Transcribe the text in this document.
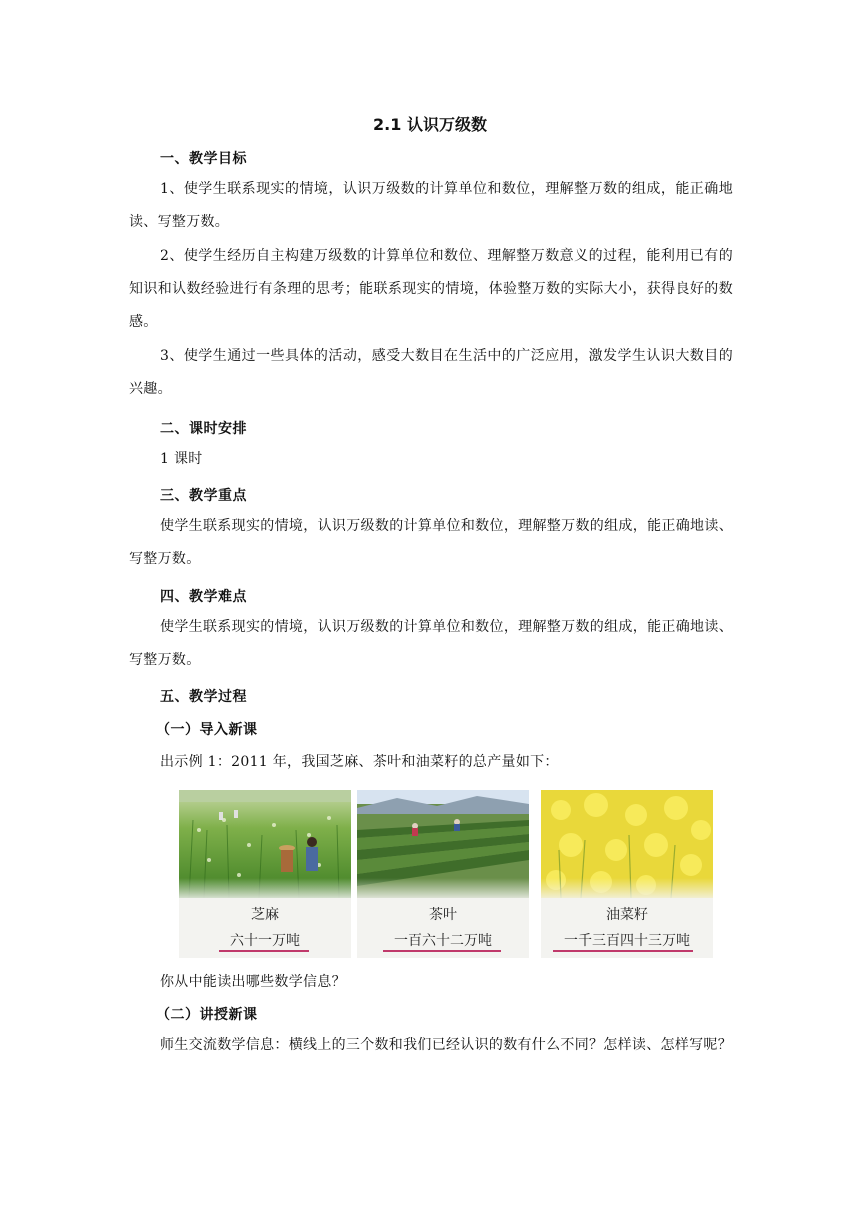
2.1 认识万级数
一、教学目标
1、使学生联系现实的情境，认识万级数的计算单位和数位，理解整万数的组成，能正确地读、写整万数。
2、使学生经历自主构建万级数的计算单位和数位、理解整万数意义的过程，能利用已有的知识和认数经验进行有条理的思考；能联系现实的情境，体验整万数的实际大小，获得良好的数感。
3、使学生通过一些具体的活动，感受大数目在生活中的广泛应用，激发学生认识大数目的兴趣。
二、课时安排
1 课时
三、教学重点
使学生联系现实的情境，认识万级数的计算单位和数位，理解整万数的组成，能正确地读、写整万数。
四、教学难点
使学生联系现实的情境，认识万级数的计算单位和数位，理解整万数的组成，能正确地读、写整万数。
五、教学过程
（一）导入新课
出示例 1：2011 年，我国芝麻、茶叶和油菜籽的总产量如下：
芝麻
六十一万吨
茶叶
一百六十二万吨
油菜籽
一千三百四十三万吨
你从中能读出哪些数学信息？
（二）讲授新课
师生交流数学信息：横线上的三个数和我们已经认识的数有什么不同？怎样读、怎样写呢？
